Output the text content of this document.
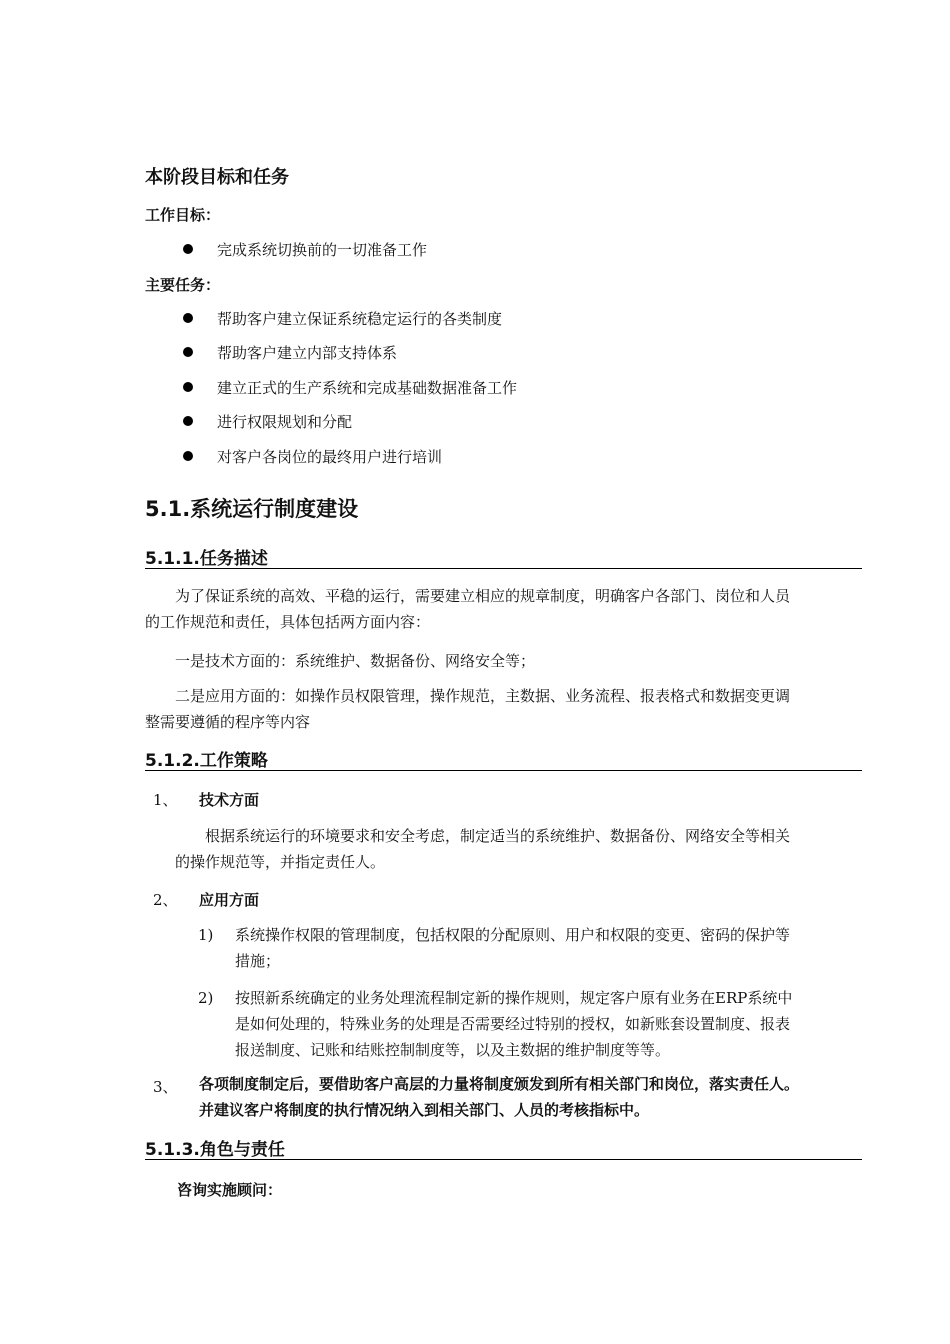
本阶段目标和任务
工作目标：
完成系统切换前的一切准备工作
主要任务：
帮助客户建立保证系统稳定运行的各类制度
帮助客户建立内部支持体系
建立正式的生产系统和完成基础数据准备工作
进行权限规划和分配
对客户各岗位的最终用户进行培训
5.1.系统运行制度建设
5.1.1.任务描述
为了保证系统的高效、平稳的运行，需要建立相应的规章制度，明确客户各部门、岗位和人员
的工作规范和责任，具体包括两方面内容：
一是技术方面的：系统维护、数据备份、网络安全等；
二是应用方面的：如操作员权限管理，操作规范，主数据、业务流程、报表格式和数据变更调
整需要遵循的程序等内容
5.1.2.工作策略
1、 技术方面
根据系统运行的环境要求和安全考虑，制定适当的系统维护、数据备份、网络安全等相关
的操作规范等，并指定责任人。
2、 应用方面
1) 系统操作权限的管理制度，包括权限的分配原则、用户和权限的变更、密码的保护等
措施；
2) 按照新系统确定的业务处理流程制定新的操作规则，规定客户原有业务在ERP系统中
是如何处理的，特殊业务的处理是否需要经过特别的授权，如新账套设置制度、报表
报送制度、记账和结账控制制度等，以及主数据的维护制度等等。
3、 各项制度制定后，要借助客户高层的力量将制度颁发到所有相关部门和岗位，落实责任人。
并建议客户将制度的执行情况纳入到相关部门、人员的考核指标中。
5.1.3.角色与责任
咨询实施顾问：
